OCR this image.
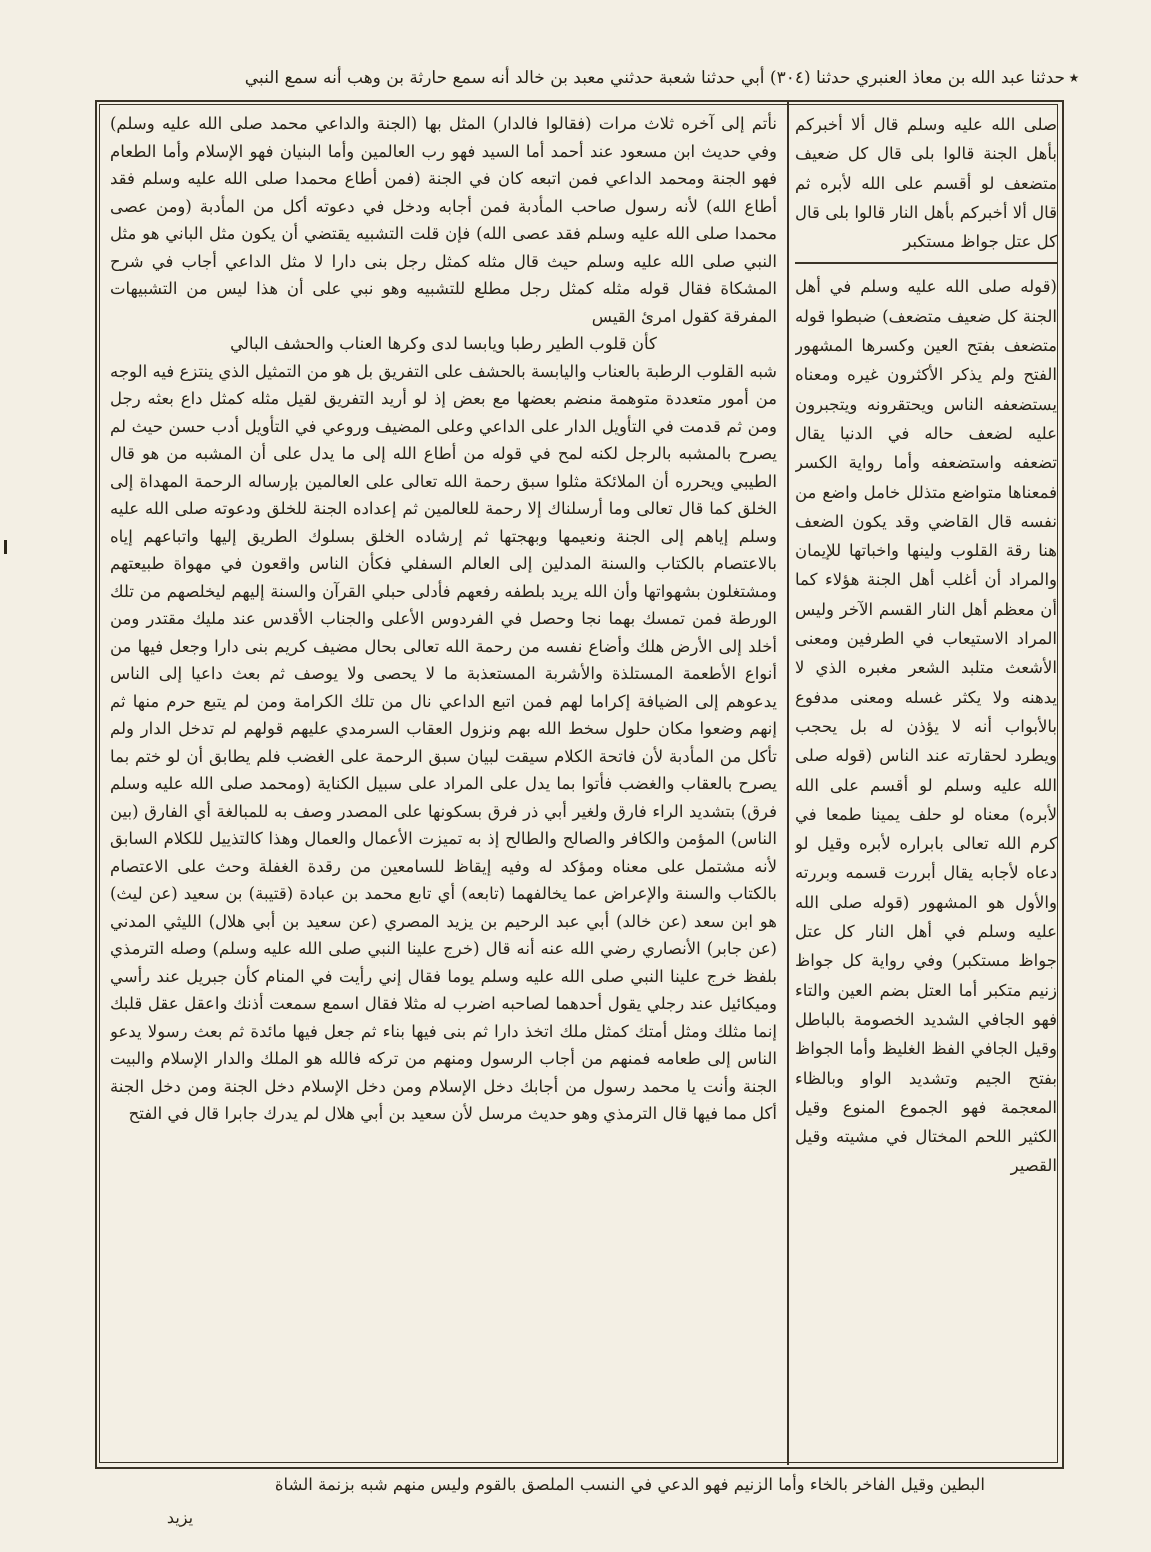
٭
حدثنا عبد الله بن معاذ العنبري حدثنا (٣٠٤) أبي حدثنا شعبة حدثني معبد بن خالد أنه سمع حارثة بن وهب أنه سمع النبي

صلى الله عليه وسلم قال ألا أخبركم بأهل الجنة قالوا بلى قال كل ضعيف متضعف لو أقسم على الله لأبره ثم قال ألا أخبركم بأهل النار قالوا بلى قال كل عتل جواظ مستكبر

(قوله صلى الله عليه وسلم في أهل الجنة كل ضعيف متضعف) ضبطوا قوله متضعف بفتح العين وكسرها المشهور الفتح ولم يذكر الأكثرون غيره ومعناه يستضعفه الناس ويحتقرونه ويتجبرون عليه لضعف حاله في الدنيا يقال تضعفه واستضعفه وأما رواية الكسر فمعناها متواضع متذلل خامل واضع من نفسه قال القاضي وقد يكون الضعف هنا رقة القلوب ولينها واخباتها للإيمان والمراد أن أغلب أهل الجنة هؤلاء كما أن معظم أهل النار القسم الآخر وليس المراد الاستيعاب في الطرفين ومعنى الأشعث متلبد الشعر مغبره الذي لا يدهنه ولا يكثر غسله ومعنى مدفوع بالأبواب أنه لا يؤذن له بل يحجب ويطرد لحقارته عند الناس (قوله صلى الله عليه وسلم لو أقسم على الله لأبره) معناه لو حلف يمينا طمعا في كرم الله تعالى بابراره لأبره وقيل لو دعاه لأجابه يقال أبررت قسمه وبررته والأول هو المشهور (قوله صلى الله عليه وسلم في أهل النار كل عتل جواظ مستكبر) وفي رواية كل جواظ زنيم متكبر أما العتل بضم العين والتاء فهو الجافي الشديد الخصومة بالباطل وقيل الجافي الفظ الغليظ وأما الجواظ بفتح الجيم وتشديد الواو وبالظاء المعجمة فهو الجموع المنوع وقيل الكثير اللحم المختال في مشيته وقيل القصير

نأتم إلى آخره ثلاث مرات (فقالوا فالدار) المثل بها (الجنة والداعي محمد صلى الله عليه وسلم) وفي حديث ابن مسعود عند أحمد أما السيد فهو رب العالمين وأما البنيان فهو الإسلام وأما الطعام فهو الجنة ومحمد الداعي فمن اتبعه كان في الجنة (فمن أطاع محمدا صلى الله عليه وسلم فقد أطاع الله) لأنه رسول صاحب المأدبة فمن أجابه ودخل في دعوته أكل من المأدبة (ومن عصى محمدا صلى الله عليه وسلم فقد عصى الله) فإن قلت التشبيه يقتضي أن يكون مثل الباني هو مثل النبي صلى الله عليه وسلم حيث قال مثله كمثل رجل بنى دارا لا مثل الداعي أجاب في شرح المشكاة فقال قوله مثله كمثل رجل مطلع للتشبيه وهو نبي على أن هذا ليس من التشبيهات المفرقة كقول امرئ القيس

كأن قلوب الطير رطبا ويابسا لدى وكرها العناب والحشف البالي

شبه القلوب الرطبة بالعناب واليابسة بالحشف على التفريق بل هو من التمثيل الذي ينتزع فيه الوجه من أمور متعددة متوهمة منضم بعضها مع بعض إذ لو أريد التفريق لقيل مثله كمثل داع بعثه رجل ومن ثم قدمت في التأويل الدار على الداعي وعلى المضيف وروعي في التأويل أدب حسن حيث لم يصرح بالمشبه بالرجل لكنه لمح في قوله من أطاع الله إلى ما يدل على أن المشبه من هو قال الطيبي ويحرره أن الملائكة مثلوا سبق رحمة الله تعالى على العالمين بإرساله الرحمة المهداة إلى الخلق كما قال تعالى وما أرسلناك إلا رحمة للعالمين ثم إعداده الجنة للخلق ودعوته صلى الله عليه وسلم إياهم إلى الجنة ونعيمها وبهجتها ثم إرشاده الخلق بسلوك الطريق إليها واتباعهم إياه بالاعتصام بالكتاب والسنة المدلين إلى العالم السفلي فكأن الناس واقعون في مهواة طبيعتهم ومشتغلون بشهواتها وأن الله يريد بلطفه رفعهم فأدلى حبلي القرآن والسنة إليهم ليخلصهم من تلك الورطة فمن تمسك بهما نجا وحصل في الفردوس الأعلى والجناب الأقدس عند مليك مقتدر ومن أخلد إلى الأرض هلك وأضاع نفسه من رحمة الله تعالى بحال مضيف كريم بنى دارا وجعل فيها من أنواع الأطعمة المستلذة والأشربة المستعذبة ما لا يحصى ولا يوصف ثم بعث داعيا إلى الناس يدعوهم إلى الضيافة إكراما لهم فمن اتبع الداعي نال من تلك الكرامة ومن لم يتبع حرم منها ثم إنهم وضعوا مكان حلول سخط الله بهم ونزول العقاب السرمدي عليهم قولهم لم تدخل الدار ولم تأكل من المأدبة لأن فاتحة الكلام سيقت لبيان سبق الرحمة على الغضب فلم يطابق أن لو ختم بما يصرح بالعقاب والغضب فأتوا بما يدل على المراد على سبيل الكناية (ومحمد صلى الله عليه وسلم فرق) بتشديد الراء فارق ولغير أبي ذر فرق بسكونها على المصدر وصف به للمبالغة أي الفارق (بين الناس) المؤمن والكافر والصالح والطالح إذ به تميزت الأعمال والعمال وهذا كالتذييل للكلام السابق لأنه مشتمل على معناه ومؤكد له وفيه إيقاظ للسامعين من رقدة الغفلة وحث على الاعتصام بالكتاب والسنة والإعراض عما يخالفهما (تابعه) أي تابع محمد بن عبادة (قتيبة) بن سعيد (عن ليث) هو ابن سعد (عن خالد) أبي عبد الرحيم بن يزيد المصري (عن سعيد بن أبي هلال) الليثي المدني (عن جابر) الأنصاري رضي الله عنه أنه قال (خرج علينا النبي صلى الله عليه وسلم) وصله الترمذي بلفظ خرج علينا النبي صلى الله عليه وسلم يوما فقال إني رأيت في المنام كأن جبريل عند رأسي وميكائيل عند رجلي يقول أحدهما لصاحبه اضرب له مثلا فقال اسمع سمعت أذنك واعقل عقل قلبك إنما مثلك ومثل أمتك كمثل ملك اتخذ دارا ثم بنى فيها بناء ثم جعل فيها مائدة ثم بعث رسولا يدعو الناس إلى طعامه فمنهم من أجاب الرسول ومنهم من تركه فالله هو الملك والدار الإسلام والبيت الجنة وأنت يا محمد رسول من أجابك دخل الإسلام ومن دخل الإسلام دخل الجنة ومن دخل الجنة أكل مما فيها قال الترمذي وهو حديث مرسل لأن سعيد بن أبي هلال لم يدرك جابرا قال في الفتح

البطين وقيل الفاخر بالخاء وأما الزنيم فهو الدعي في النسب الملصق بالقوم وليس منهم شبه بزنمة الشاة
يزيد
